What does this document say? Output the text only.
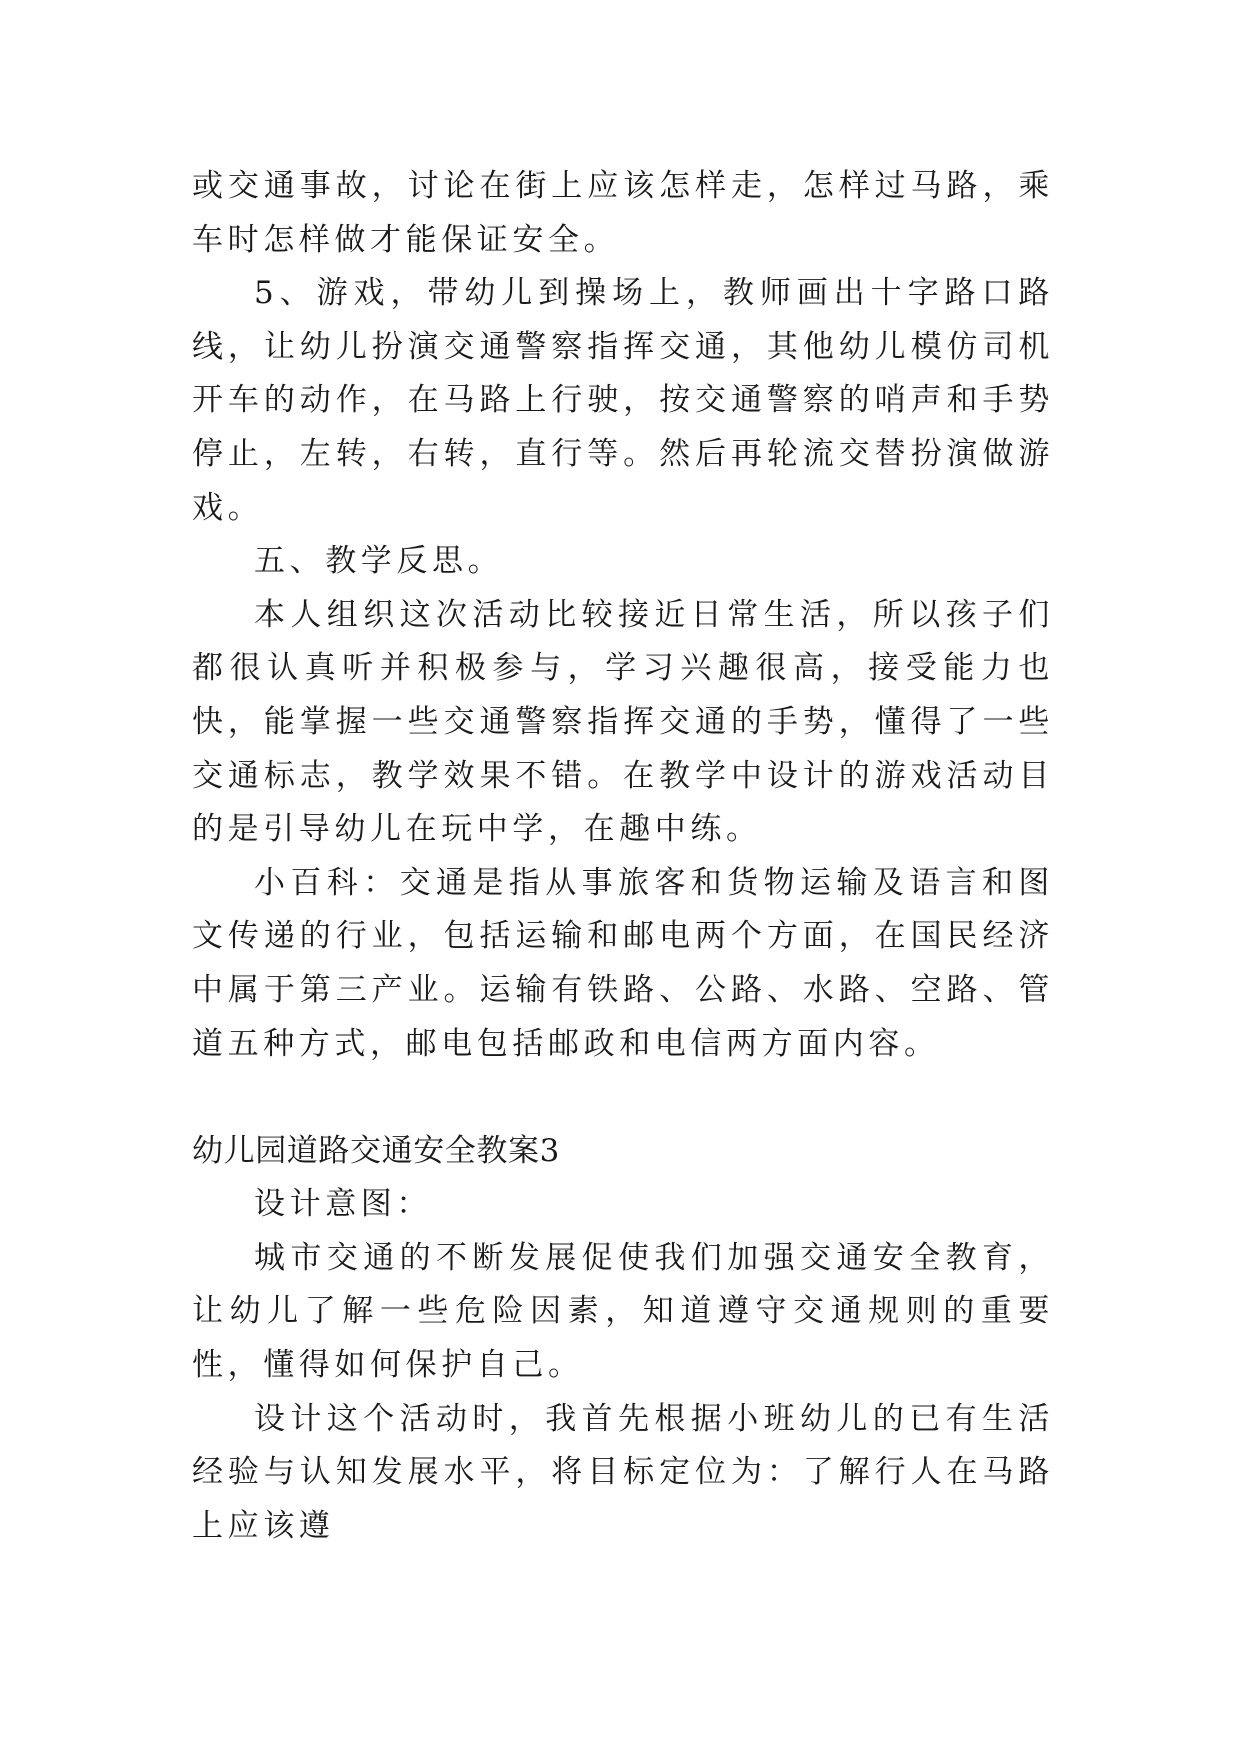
或交通事故，讨论在街上应该怎样走，怎样过马路，乘车时怎样做才能保证安全。

5、游戏，带幼儿到操场上，教师画出十字路口路线，让幼儿扮演交通警察指挥交通，其他幼儿模仿司机开车的动作，在马路上行驶，按交通警察的哨声和手势停止，左转，右转，直行等。然后再轮流交替扮演做游戏。

五、教学反思。

本人组织这次活动比较接近日常生活，所以孩子们都很认真听并积极参与，学习兴趣很高，接受能力也快，能掌握一些交通警察指挥交通的手势，懂得了一些交通标志，教学效果不错。在教学中设计的游戏活动目的是引导幼儿在玩中学，在趣中练。

小百科：交通是指从事旅客和货物运输及语言和图文传递的行业，包括运输和邮电两个方面，在国民经济中属于第三产业。运输有铁路、公路、水路、空路、管道五种方式，邮电包括邮政和电信两方面内容。

幼儿园道路交通安全教案3

设计意图：

城市交通的不断发展促使我们加强交通安全教育，让幼儿了解一些危险因素，知道遵守交通规则的重要性，懂得如何保护自己。

设计这个活动时，我首先根据小班幼儿的已有生活经验与认知发展水平，将目标定位为：了解行人在马路上应该遵
